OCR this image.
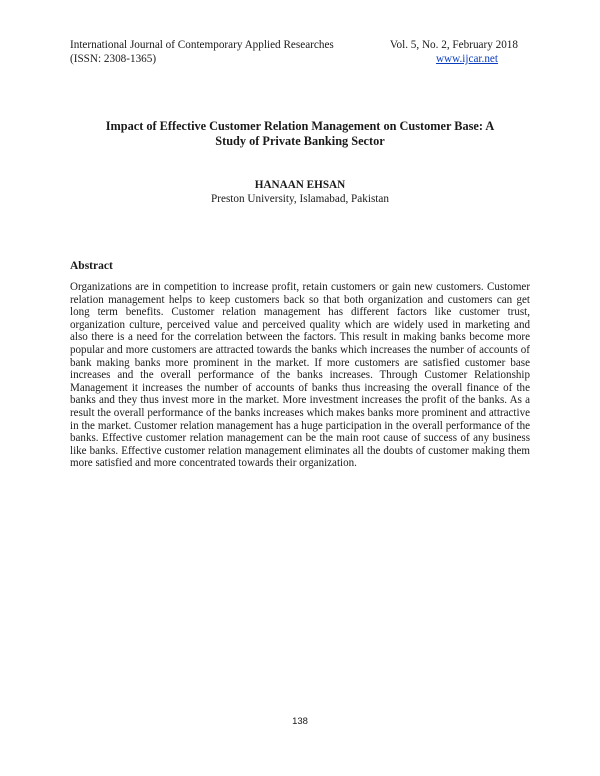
International Journal of Contemporary Applied Researches	Vol. 5, No. 2, February 2018
(ISSN: 2308-1365)	www.ijcar.net
Impact of Effective Customer Relation Management on Customer Base: A
Study of Private Banking Sector
HANAAN EHSAN
Preston University, Islamabad, Pakistan
Abstract

Organizations are in competition to increase profit, retain customers or gain new customers. Customer relation management helps to keep customers back so that both organization and customers can get long term benefits. Customer relation management has different factors like customer trust, organization culture, perceived value and perceived quality which are widely used in marketing and also there is a need for the correlation between the factors. This result in making banks become more popular and more customers are attracted towards the banks which increases the number of accounts of bank making banks more prominent in the market. If more customers are satisfied customer base increases and the overall performance of the banks increases. Through Customer Relationship Management it increases the number of accounts of banks thus increasing the overall finance of the banks and they thus invest more in the market. More investment increases the profit of the banks. As a result the overall performance of the banks increases which makes banks more prominent and attractive in the market. Customer relation management has a huge participation in the overall performance of the banks. Effective customer relation management can be the main root cause of success of any business like banks. Effective customer relation management eliminates all the doubts of customer making them more satisfied and more concentrated towards their organization.

138
